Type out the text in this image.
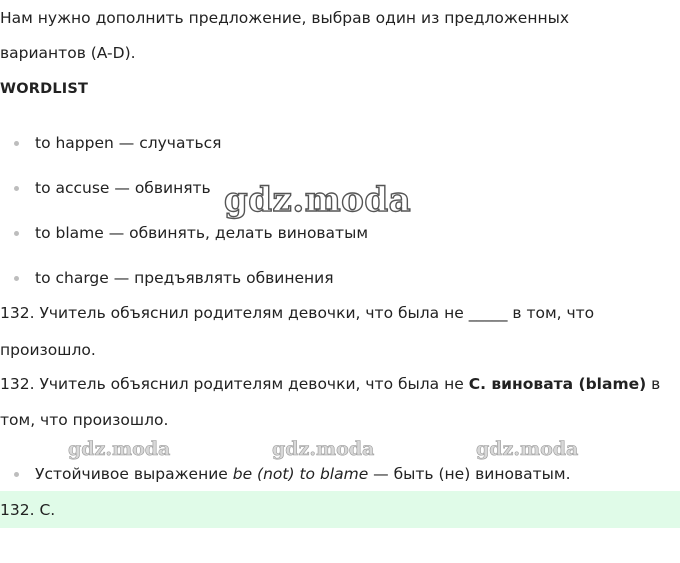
Нам нужно дополнить предложение, выбрав один из предложенных
вариантов (A-D).
WORDLIST
to happen — случаться
to accuse — обвинять
to blame — обвинять, делать виноватым
to charge — предъявлять обвинения
gdz.moda
132. Учитель объяснил родителям девочки, что была не _____ в том, что
произошло.
132. Учитель объяснил родителям девочки, что была не C. виновата (blame) в
том, что произошло.
gdz.moda	gdz.moda	gdz.moda
Устойчивое выражение be (not) to blame — быть (не) виноватым.
132. C.
